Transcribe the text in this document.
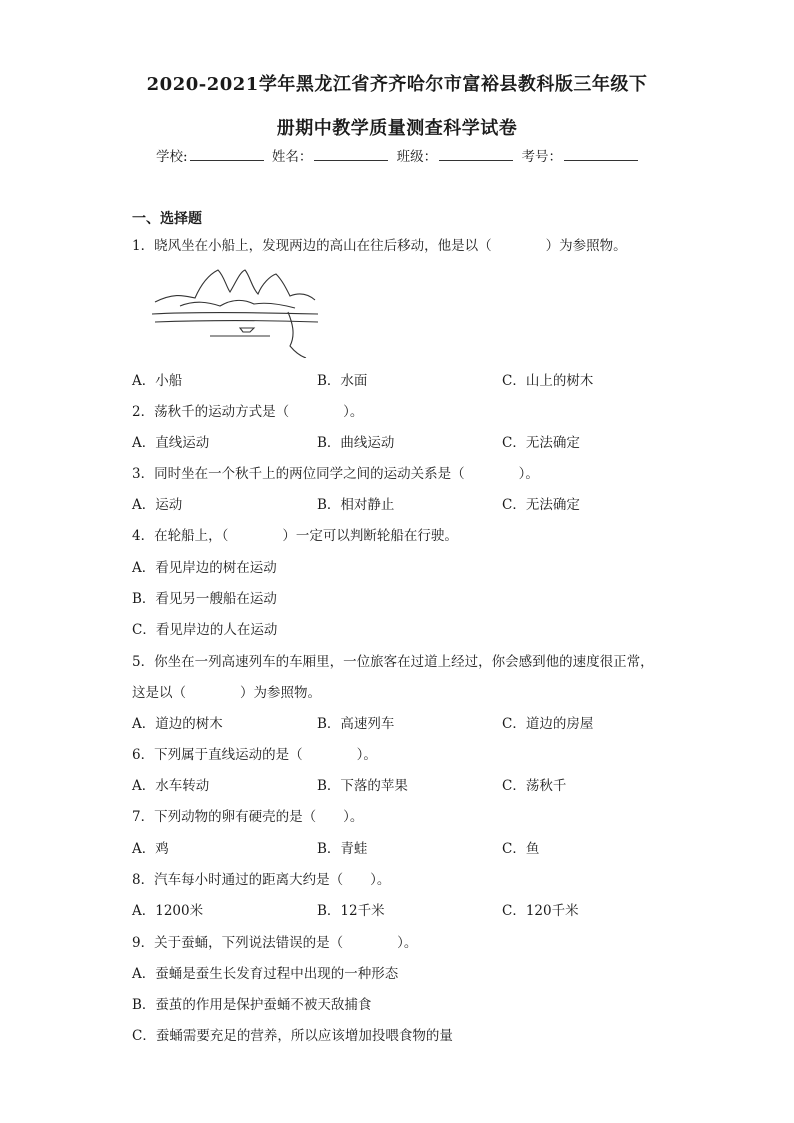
2020-2021学年黑龙江省齐齐哈尔市富裕县教科版三年级下
册期中教学质量测查科学试卷
学校:	姓名：	班级：	考号：
一、选择题
1．晓风坐在小船上，发现两边的高山在往后移动，他是以（　　　　）为参照物。
A．小船	B．水面	C．山上的树木
2．荡秋千的运动方式是（　　　　）。
A．直线运动	B．曲线运动	C．无法确定
3．同时坐在一个秋千上的两位同学之间的运动关系是（　　　　）。
A．运动	B．相对静止	C．无法确定
4．在轮船上，（　　　　）一定可以判断轮船在行驶。
A．看见岸边的树在运动
B．看见另一艘船在运动
C．看见岸边的人在运动
5．你坐在一列高速列车的车厢里，一位旅客在过道上经过，你会感到他的速度很正常，
这是以（　　　　）为参照物。
A．道边的树木	B．高速列车	C．道边的房屋
6．下列属于直线运动的是（　　　　）。
A．水车转动	B．下落的苹果	C．荡秋千
7．下列动物的卵有硬壳的是（　　）。
A．鸡	B．青蛙	C．鱼
8．汽车每小时通过的距离大约是（　　）。
A．1200米	B．12千米	C．120千米
9．关于蚕蛹，下列说法错误的是（　　　　）。
A．蚕蛹是蚕生长发育过程中出现的一种形态
B．蚕茧的作用是保护蚕蛹不被天敌捕食
C．蚕蛹需要充足的营养，所以应该增加投喂食物的量
